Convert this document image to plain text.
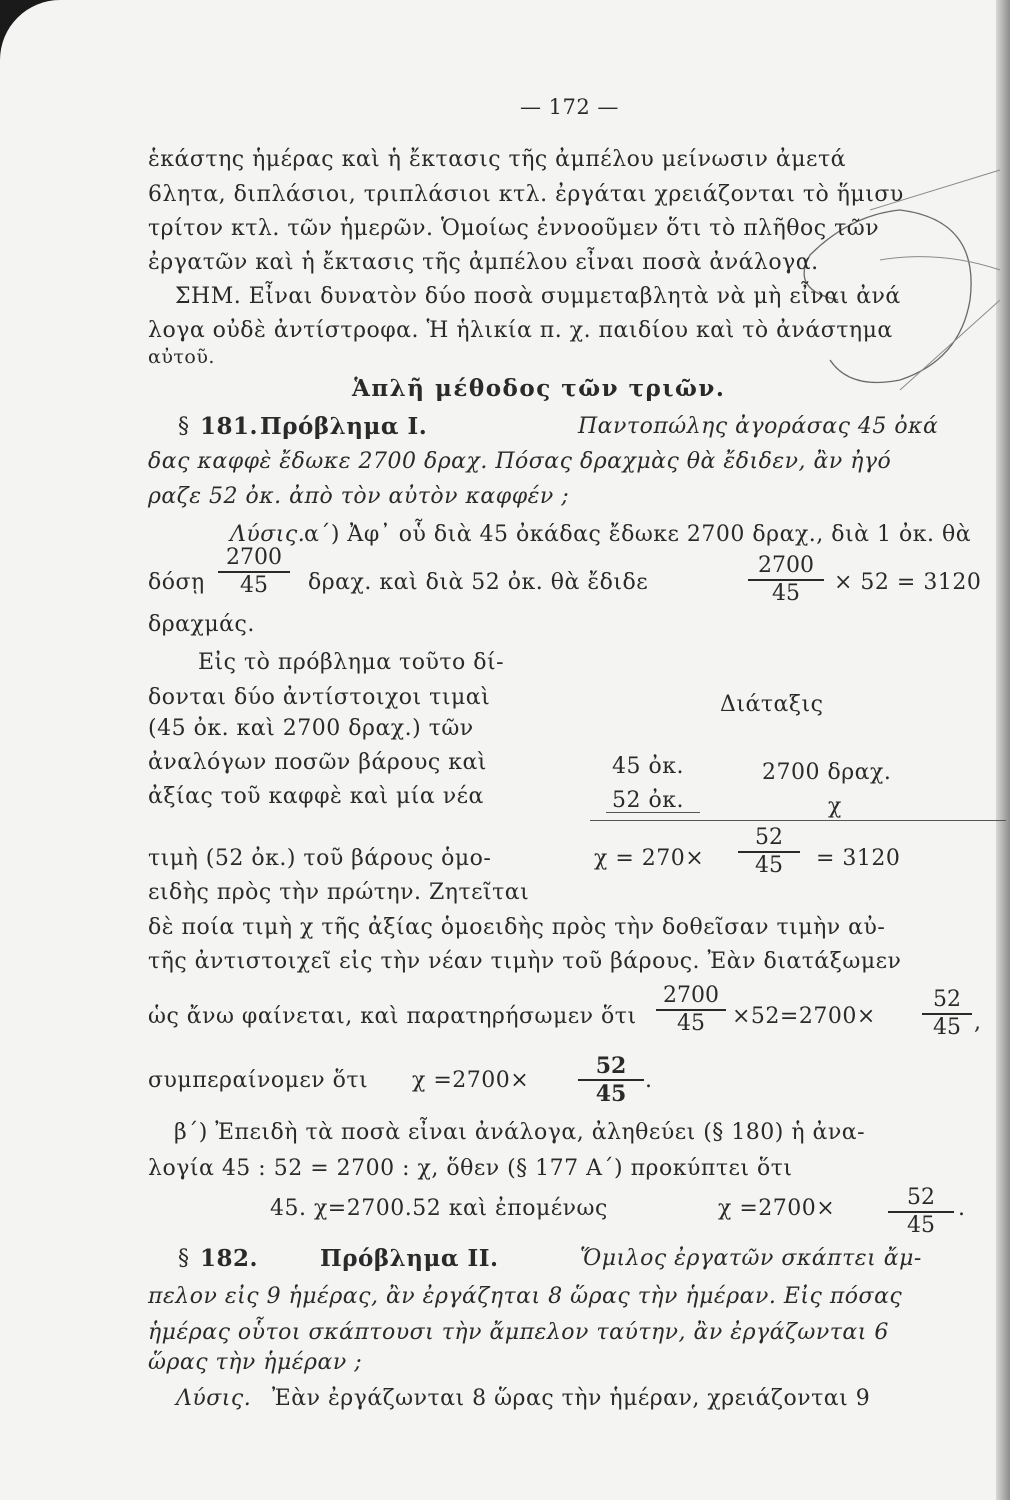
— 172 —
ἑκάστης ἡμέρας καὶ ἡ ἔκτασις τῆς ἀμπέλου μείνωσιν ἀμετά
6λητα, διπλάσιοι, τριπλάσιοι κτλ. ἐργάται χρειάζονται τὸ ἥμισυ
τρίτον κτλ. τῶν ἡμερῶν. Ὁμοίως ἐννοοῦμεν ὅτι τὸ πλῆθος τῶν
ἐργατῶν καὶ ἡ ἔκτασις τῆς ἀμπέλου εἶναι ποσὰ ἀνάλογα.
ΣΗΜ. Εἶναι δυνατὸν δύο ποσὰ συμμεταβλητὰ νὰ μὴ εἶναι ἀνά
λογα οὐδὲ ἀντίστροφα. Ἡ ἡλικία π. χ. παιδίου καὶ τὸ ἀνάστημα
αὐτοῦ.
Ἁπλῆ μέθοδος τῶν τριῶν.
§ 181. Πρόβλημα Ι.	Παντοπώλης ἀγοράσας 45 ὀκά
δας καφφὲ ἔδωκε 2700 δραχ. Πόσας δραχμὰς θὰ ἔδιδεν, ἂν ἠγό
ραζε 52 ὀκ. ἀπὸ τὸν αὐτὸν καφφέν ;
Λύσις.
α´) Ἀφ᾽ οὗ διὰ 45 ὀκάδας ἔδωκε 2700 δραχ., διὰ 1 ὀκ. θὰ
δόσῃ
2700
45 δραχ. καὶ διὰ 52 ὀκ. θὰ ἔδιδε
2700
45 × 52 = 3120
δραχμάς.
Εἰς τὸ πρόβλημα τοῦτο δί-
δονται δύο ἀντίστοιχοι τιμαὶ
(45 ὀκ. καὶ 2700 δραχ.) τῶν
ἀναλόγων ποσῶν βάρους καὶ
ἀξίας τοῦ καφφὲ καὶ μία νέα
Διάταξις
45 ὀκ.	2700 δραχ.
52 ὀκ.	χ
τιμὴ (52 ὀκ.) τοῦ βάρους ὁμο-	χ = 270×
52
45 = 3120
ειδὴς πρὸς τὴν πρώτην. Ζητεῖται
δὲ ποία τιμὴ χ τῆς ἀξίας ὁμοειδὴς πρὸς τὴν δοθεῖσαν τιμὴν αὐ-
τῆς ἀντιστοιχεῖ εἰς τὴν νέαν τιμὴν τοῦ βάρους. Ἐὰν διατάξωμεν
ὡς ἄνω φαίνεται, καὶ παρατηρήσωμεν ὅτι
2700
45 ×52=2700×
52
45 ,
συμπεραίνομεν ὅτι χ =2700×
52
45
.
β´) Ἐπειδὴ τὰ ποσὰ εἶναι ἀνάλογα, ἀληθεύει (§ 180) ἡ ἀνα-
λογία 45 : 52 = 2700 : χ, ὅθεν (§ 177 Α´) προκύπτει ὅτι
45. χ=2700.52 καὶ ἐπομένως	χ =2700×	52
45
.
§ 182.	Πρόβλημα ΙΙ.	Ὅμιλος ἐργατῶν σκάπτει ἄμ-
πελον εἰς 9 ἡμέρας, ἂν ἐργάζηται 8 ὥρας τὴν ἡμέραν. Εἰς πόσας
ἡμέρας οὗτοι σκάπτουσι τὴν ἄμπελον ταύτην, ἂν ἐργάζωνται 6
ὥρας τὴν ἡμέραν ;
Λύσις. Ἐὰν ἐργάζωνται 8 ὥρας τὴν ἡμέραν, χρειάζονται 9
